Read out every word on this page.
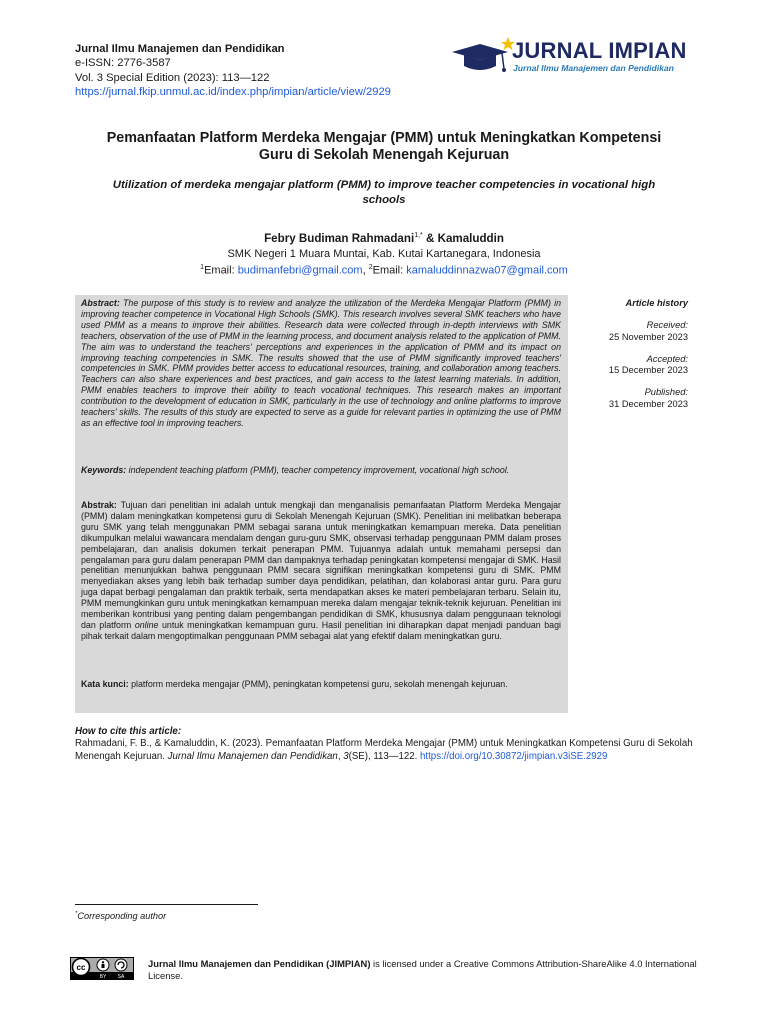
Jurnal Ilmu Manajemen dan Pendidikan
e-ISSN: 2776-3587
Vol. 3 Special Edition (2023): 113—122
https://jurnal.fkip.unmul.ac.id/index.php/impian/article/view/2929
JURNAL IMPIAN
Jurnal Ilmu Manajemen dan Pendidikan
Pemanfaatan Platform Merdeka Mengajar (PMM) untuk Meningkatkan Kompetensi
Guru di Sekolah Menengah Kejuruan
Utilization of merdeka mengajar platform (PMM) to improve teacher competencies in vocational high
schools
Febry Budiman Rahmadani$^{1,*}$ & Kamaluddin
SMK Negeri 1 Muara Muntai, Kab. Kutai Kartanegara, Indonesia
$^1$Email: budimanfebri@gmail.com, $^2$Email: kamaluddinnazwa07@gmail.com
Abstract: The purpose of this study is to review and analyze the utilization of the Merdeka Mengajar Platform (PMM) in improving teacher competence in Vocational High Schools (SMK). This research involves several SMK teachers who have used PMM as a means to improve their abilities. Research data were collected through in-depth interviews with SMK teachers, observation of the use of PMM in the learning process, and document analysis related to the application of PMM. The aim was to understand the teachers' perceptions and experiences in the application of PMM and its impact on improving teaching competencies in SMK. The results showed that the use of PMM significantly improved teachers' competencies in SMK. PMM provides better access to educational resources, training, and collaboration among teachers. Teachers can also share experiences and best practices, and gain access to the latest learning materials. In addition, PMM enables teachers to improve their ability to teach vocational techniques. This research makes an important contribution to the development of education in SMK, particularly in the use of technology and online platforms to improve teachers' skills. The results of this study are expected to serve as a guide for relevant parties in optimizing the use of PMM as an effective tool in improving teachers.
Keywords: independent teaching platform (PMM), teacher competency improvement, vocational high school.
Abstrak: Tujuan dari penelitian ini adalah untuk mengkaji dan menganalisis pemanfaatan Platform Merdeka Mengajar (PMM) dalam meningkatkan kompetensi guru di Sekolah Menengah Kejuruan (SMK). Penelitian ini melibatkan beberapa guru SMK yang telah menggunakan PMM sebagai sarana untuk meningkatkan kemampuan mereka. Data penelitian dikumpulkan melalui wawancara mendalam dengan guru-guru SMK, observasi terhadap penggunaan PMM dalam proses pembelajaran, dan analisis dokumen terkait penerapan PMM. Tujuannya adalah untuk memahami persepsi dan pengalaman para guru dalam penerapan PMM dan dampaknya terhadap peningkatan kompetensi mengajar di SMK. Hasil penelitian menunjukkan bahwa penggunaan PMM secara signifikan meningkatkan kompetensi guru di SMK. PMM menyediakan akses yang lebih baik terhadap sumber daya pendidikan, pelatihan, dan kolaborasi antar guru. Para guru juga dapat berbagi pengalaman dan praktik terbaik, serta mendapatkan akses ke materi pembelajaran terbaru. Selain itu, PMM memungkinkan guru untuk meningkatkan kemampuan mereka dalam mengajar teknik-teknik kejuruan. Penelitian ini memberikan kontribusi yang penting dalam pengembangan pendidikan di SMK, khususnya dalam penggunaan teknologi dan platform online untuk meningkatkan kemampuan guru. Hasil penelitian ini diharapkan dapat menjadi panduan bagi pihak terkait dalam mengoptimalkan penggunaan PMM sebagai alat yang efektif dalam meningkatkan guru.
Kata kunci: platform merdeka mengajar (PMM), peningkatan kompetensi guru, sekolah menengah kejuruan.
Article history
Received:
25 November 2023
Accepted:
15 December 2023
Published:
31 December 2023
How to cite this article:
Rahmadani, F. B., & Kamaluddin, K. (2023). Pemanfaatan Platform Merdeka Mengajar (PMM) untuk Meningkatkan Kompetensi Guru di Sekolah Menengah Kejuruan. Jurnal Ilmu Manajemen dan Pendidikan, 3(SE), 113—122. https://doi.org/10.30872/jimpian.v3iSE.2929
*Corresponding author
cc
BY SA
Jurnal Ilmu Manajemen dan Pendidikan (JIMPIAN) is licensed under a Creative Commons Attribution-ShareAlike 4.0 International License.
